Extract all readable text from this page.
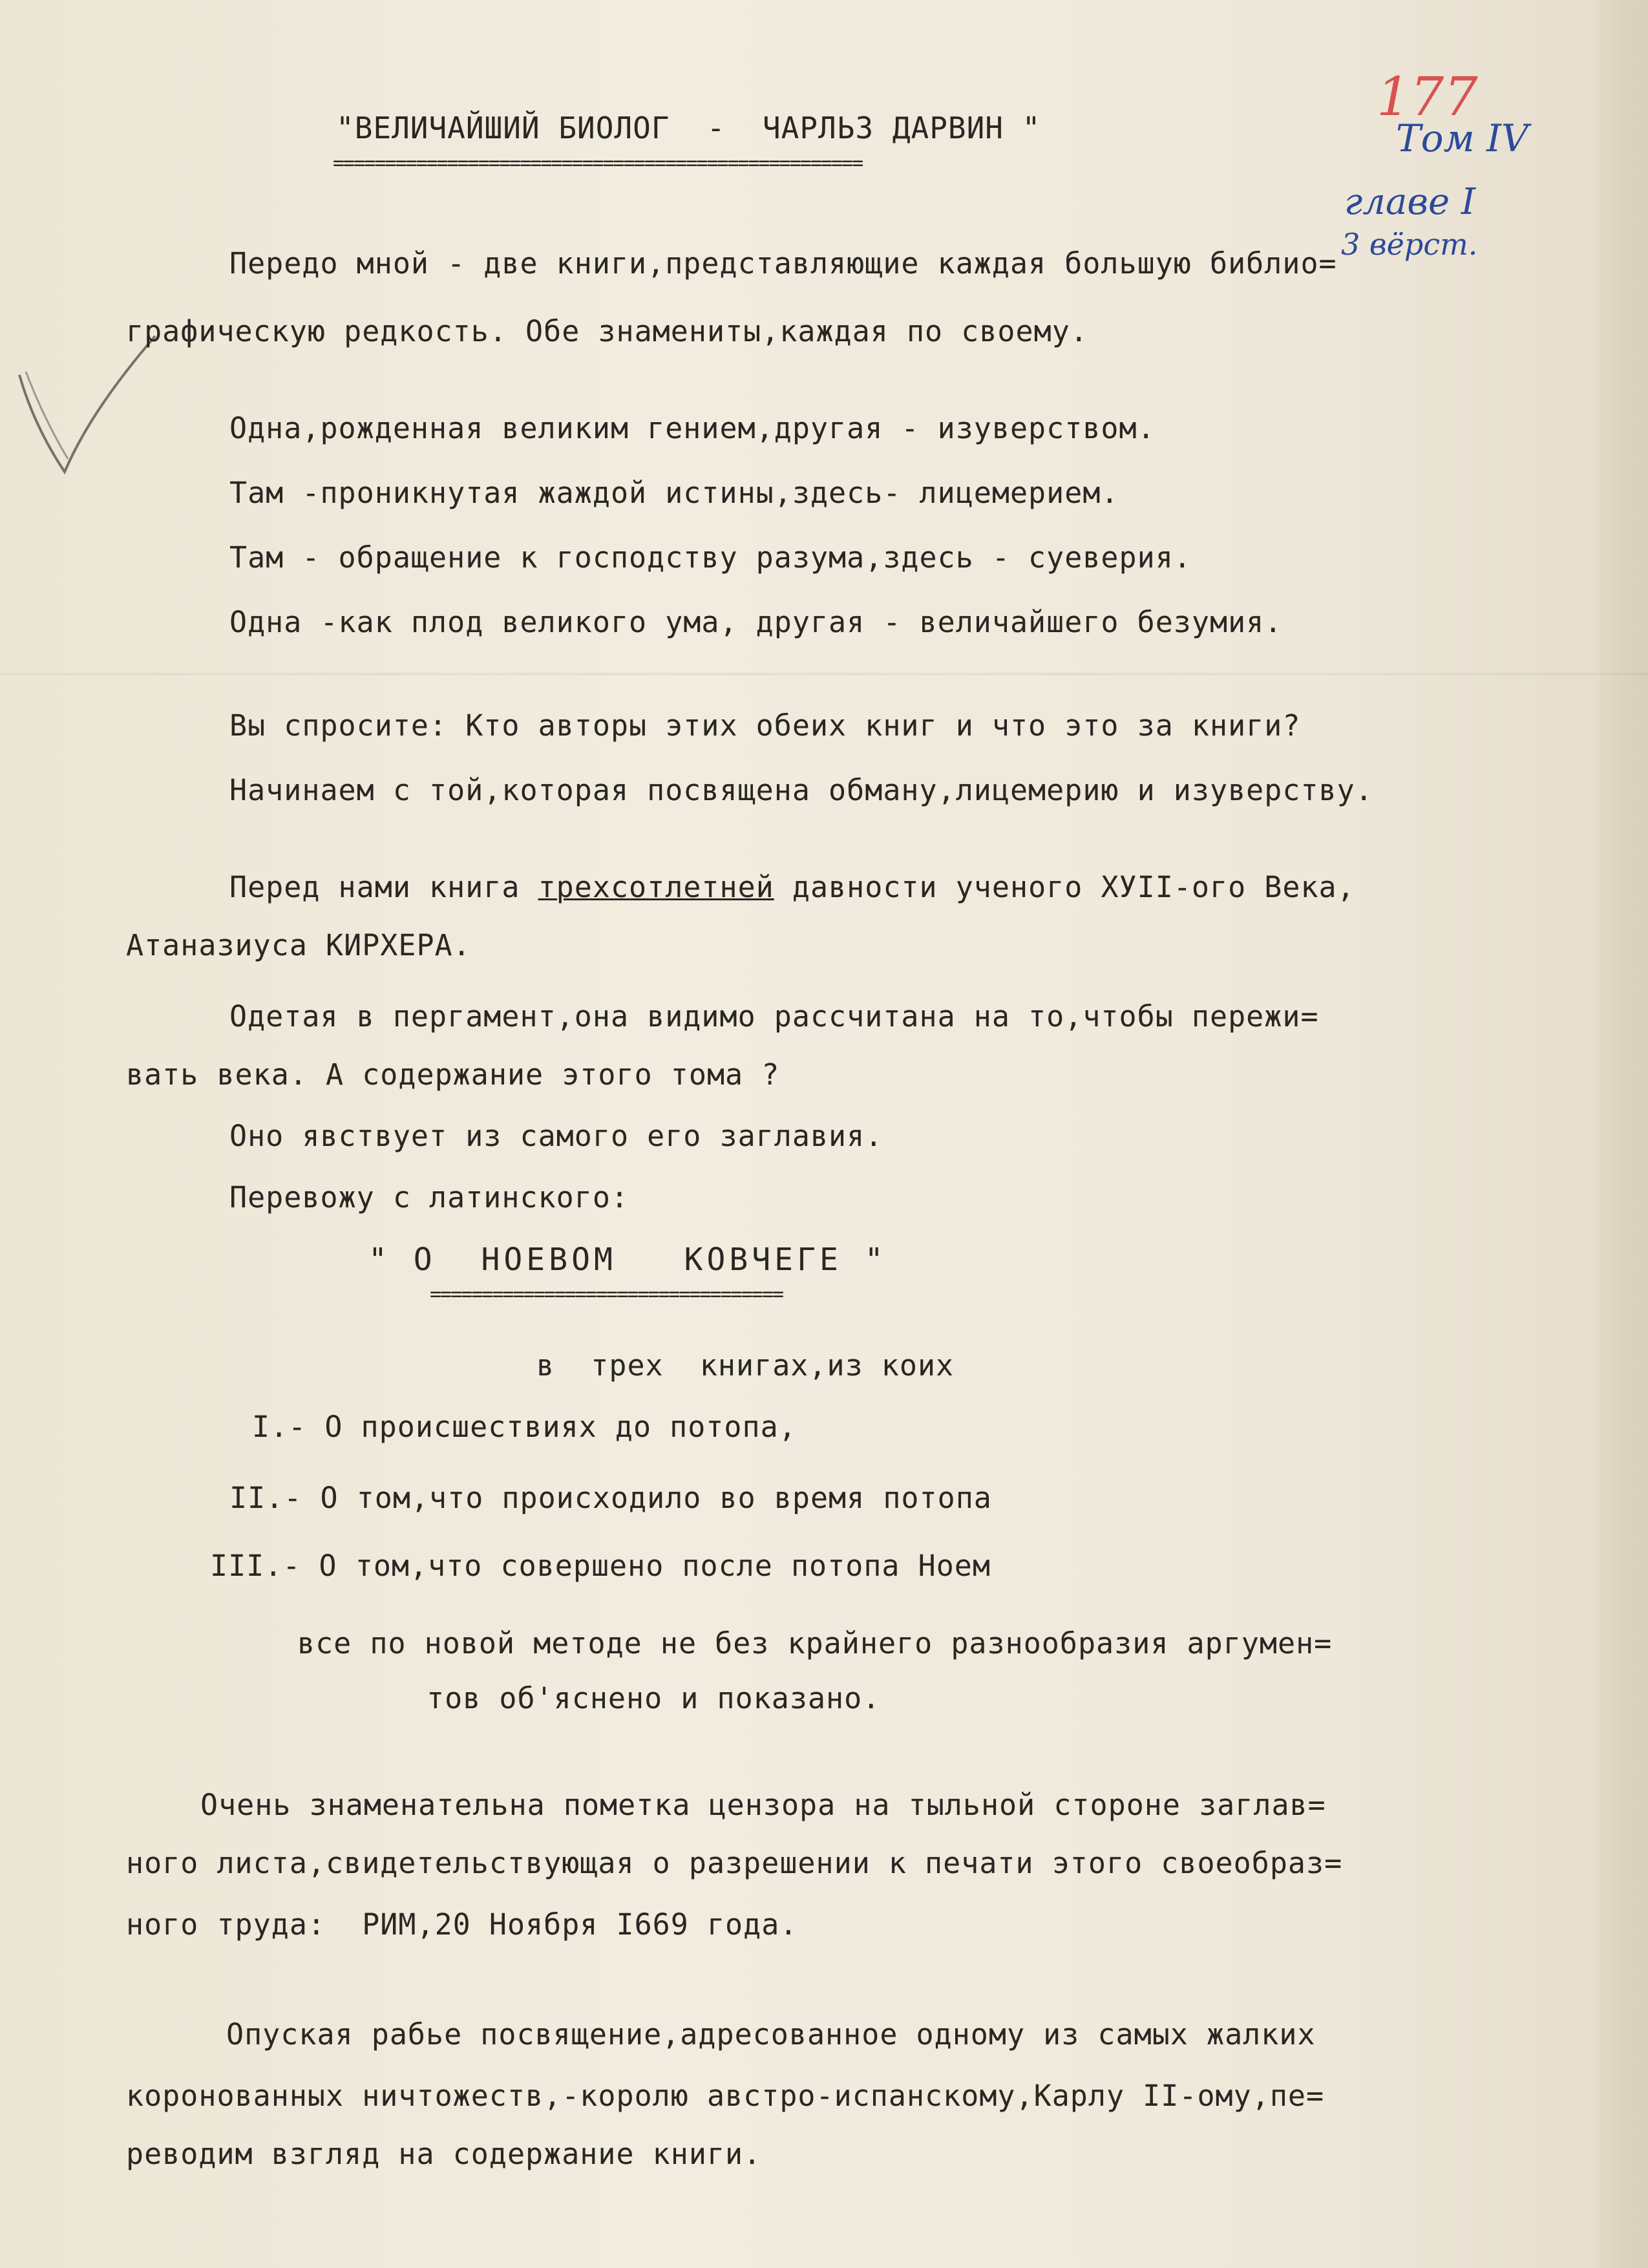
177

Том IV

главе I

3 вёрст.

"ВЕЛИЧАЙШИЙ БИОЛОГ  -  ЧАРЛЬЗ ДАРВИН "

===================================================

Передо мной - две книги,представляющие каждая большую библио=

графическую редкость. Обе знамениты,каждая по своему.

Одна,рожденная великим гением,другая - изуверством.

Там -проникнутая жаждой истины,здесь- лицемерием.

Там - обращение к господству разума,здесь - суеверия.

Одна -как плод великого ума, другая - величайшего безумия.

Вы спросите: Кто авторы этих обеих книг и что это за книги?

Начинаем с той,которая посвящена обману,лицемерию и изуверству.

Перед нами книга трехсотлетней давности ученого ХУII-ого Века,

Атаназиуса КИРХЕРА.

Одетая в пергамент,она видимо рассчитана на то,чтобы пережи=

вать века. А содержание этого тома ?

Оно явствует из самого его заглавия.

Перевожу с латинского:

" О  НОЕВОМ   КОВЧЕГЕ "

==================================

в  трех  книгах,из коих

I.- О происшествиях до потопа,

II.- О том,что происходило во время потопа

III.- О том,что совершено после потопа Ноем

все по новой методе не без крайнего разнообразия аргумен=

тов об'яснено и показано.

Очень знаменательна пометка цензора на тыльной стороне заглав=

ного листа,свидетельствующая о разрешении к печати этого своеобраз=

ного труда:  РИМ,20 Ноября I669 года.

Опуская рабье посвящение,адресованное одному из самых жалких

коронованных ничтожеств,-королю австро-испанскому,Карлу II-ому,пе=

реводим взгляд на содержание книги.
